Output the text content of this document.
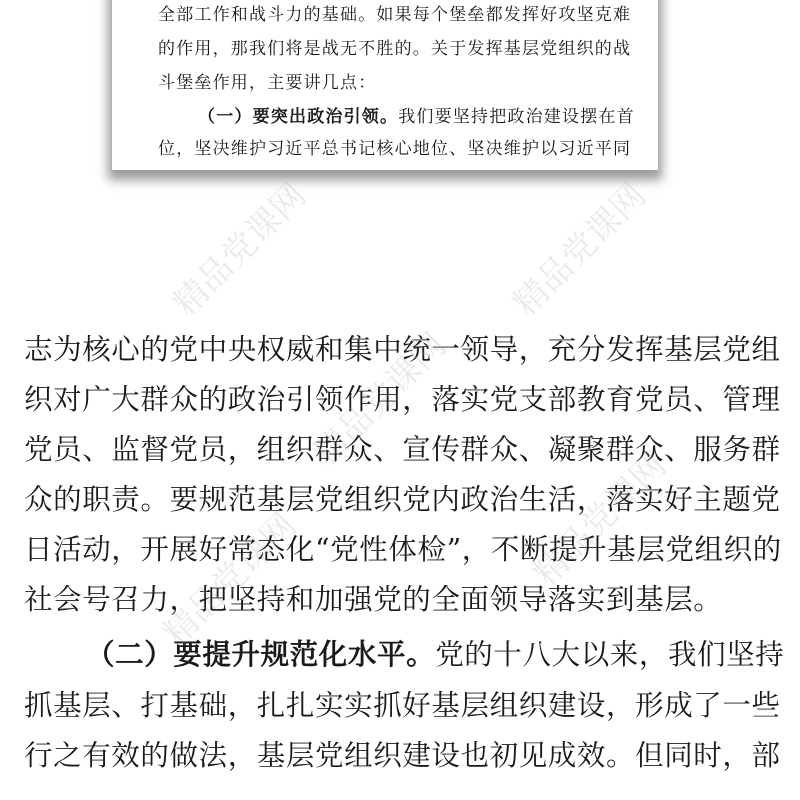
全部工作和战斗力的基础。如果每个堡垒都发挥好攻坚克难
的作用，那我们将是战无不胜的。关于发挥基层党组织的战
斗堡垒作用，主要讲几点：
（一）要突出政治引领。我们要坚持把政治建设摆在首
位，坚决维护习近平总书记核心地位、坚决维护以习近平同
志为核心的党中央权威和集中统一领导，充分发挥基层党组
织对广大群众的政治引领作用，落实党支部教育党员、管理
党员、监督党员，组织群众、宣传群众、凝聚群众、服务群
众的职责。要规范基层党组织党内政治生活，落实好主题党
日活动，开展好常态化“党性体检”，不断提升基层党组织的
社会号召力，把坚持和加强党的全面领导落实到基层。
（二）要提升规范化水平。党的十八大以来，我们坚持
抓基层、打基础，扎扎实实抓好基层组织建设，形成了一些
行之有效的做法，基层党组织建设也初见成效。但同时，部
精品党课网	精品党课网
精品党课网
精品党课网	精品党课网
